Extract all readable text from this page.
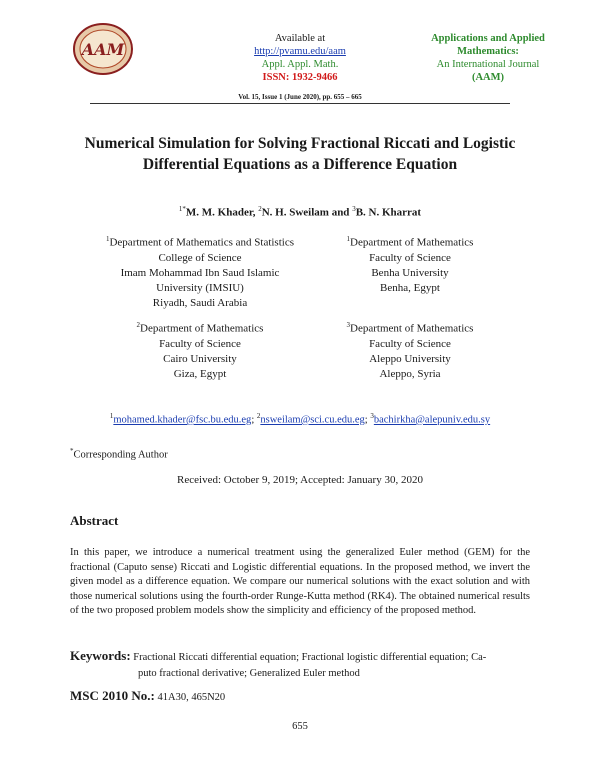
AAM
Available at
http://pvamu.edu/aam
Appl. Appl. Math.
ISSN: 1932-9466
Applications and Applied
Mathematics:
An International Journal
(AAM)
Vol. 15, Issue 1 (June 2020), pp. 655 – 665
Numerical Simulation for Solving Fractional Riccati and Logistic
Differential Equations as a Difference Equation
$^{1*}$M. M. Khader, $^2$N. H. Sweilam and $^3$B. N. Kharrat
$^1$Department of Mathematics and Statistics
College of Science
Imam Mohammad Ibn Saud Islamic
University (IMSIU)
Riyadh, Saudi Arabia
$^1$Department of Mathematics
Faculty of Science
Benha University
Benha, Egypt
$^2$Department of Mathematics
Faculty of Science
Cairo University
Giza, Egypt
$^3$Department of Mathematics
Faculty of Science
Aleppo University
Aleppo, Syria
$^1$mohamed.khader@fsc.bu.edu.eg; $^2$nsweilam@sci.cu.edu.eg; $^3$bachirkha@alepuniv.edu.sy
*Corresponding Author
Received: October 9, 2019; Accepted: January 30, 2020
Abstract
In this paper, we introduce a numerical treatment using the generalized Euler method (GEM) for the fractional (Caputo sense) Riccati and Logistic differential equations. In the proposed method, we invert the given model as a difference equation. We compare our numerical solutions with the exact solution and with those numerical solutions using the fourth-order Runge-Kutta method (RK4). The obtained numerical results of the two proposed problem models show the simplicity and efficiency of the proposed method.
Keywords: Fractional Riccati differential equation; Fractional logistic differential equation; Ca-
puto fractional derivative; Generalized Euler method
MSC 2010 No.: 41A30, 465N20
655
